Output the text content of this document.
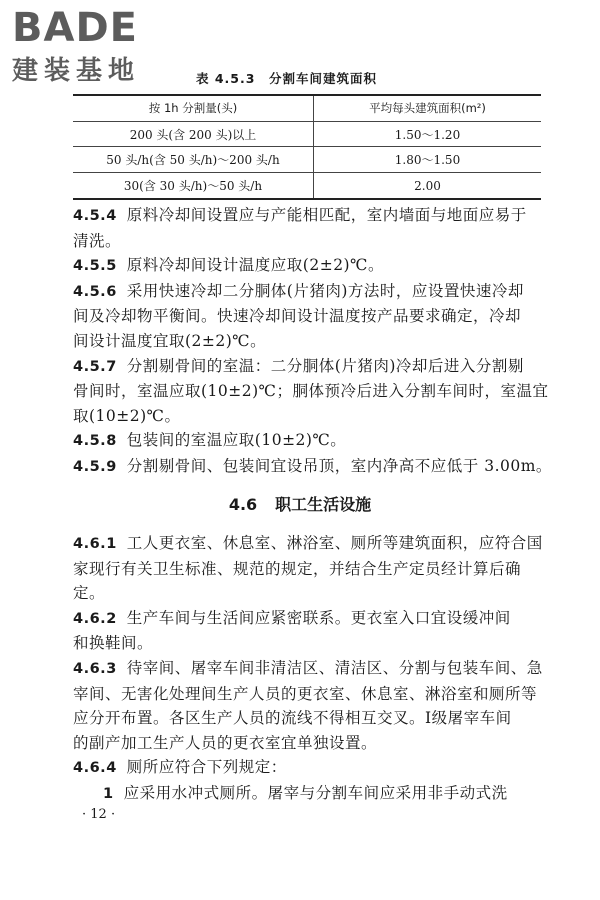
BADE
建装基地	表 4.5.3　分割车间建筑面积
按 1h 分割量(头)	平均每头建筑面积(m²)
200 头(含 200 头)以上	1.50～1.20
50 头/h(含 50 头/h)～200 头/h	1.80～1.50
30(含 30 头/h)～50 头/h	2.00
4.5.4 原料冷却间设置应与产能相匹配，室内墙面与地面应易于
清洗。
4.5.5 原料冷却间设计温度应取(2±2)℃。
4.5.6 采用快速冷却二分胴体(片猪肉)方法时，应设置快速冷却
间及冷却物平衡间。快速冷却间设计温度按产品要求确定，冷却
间设计温度宜取(2±2)℃。
4.5.7 分割剔骨间的室温：二分胴体(片猪肉)冷却后进入分割剔
骨间时，室温应取(10±2)℃；胴体预冷后进入分割车间时，室温宜
取(10±2)℃。
4.5.8 包装间的室温应取(10±2)℃。
4.5.9 分割剔骨间、包装间宜设吊顶，室内净高不应低于 3.00m。
4.6 职工生活设施
4.6.1 工人更衣室、休息室、淋浴室、厕所等建筑面积，应符合国
家现行有关卫生标准、规范的规定，并结合生产定员经计算后确
定。
4.6.2 生产车间与生活间应紧密联系。更衣室入口宜设缓冲间
和换鞋间。
4.6.3 待宰间、屠宰车间非清洁区、清洁区、分割与包装车间、急
宰间、无害化处理间生产人员的更衣室、休息室、淋浴室和厕所等
应分开布置。各区生产人员的流线不得相互交叉。Ⅰ级屠宰车间
的副产加工生产人员的更衣室宜单独设置。
4.6.4 厕所应符合下列规定：
1 应采用水冲式厕所。屠宰与分割车间应采用非手动式洗
· 12 ·
